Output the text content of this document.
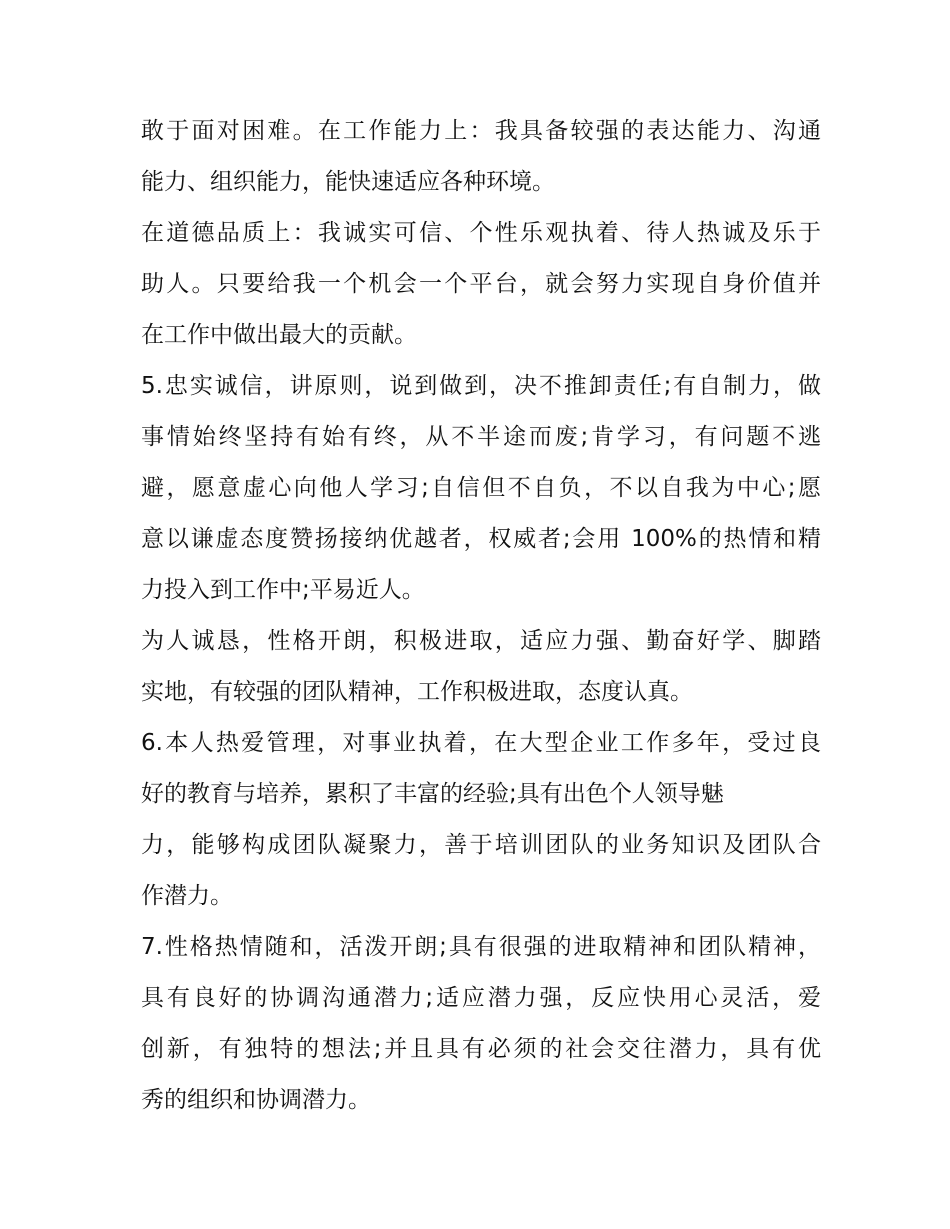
敢于面对困难。在工作能力上：我具备较强的表达能力、沟通
能力、组织能力，能快速适应各种环境。
在道德品质上：我诚实可信、个性乐观执着、待人热诚及乐于
助人。只要给我一个机会一个平台，就会努力实现自身价值并
在工作中做出最大的贡献。
5.忠实诚信，讲原则，说到做到，决不推卸责任;有自制力，做
事情始终坚持有始有终，从不半途而废;肯学习，有问题不逃
避，愿意虚心向他人学习;自信但不自负，不以自我为中心;愿
意以谦虚态度赞扬接纳优越者，权威者;会用 100%的热情和精
力投入到工作中;平易近人。
为人诚恳，性格开朗，积极进取，适应力强、勤奋好学、脚踏
实地，有较强的团队精神，工作积极进取，态度认真。
6.本人热爱管理，对事业执着，在大型企业工作多年，受过良
好的教育与培养，累积了丰富的经验;具有出色个人领导魅
力，能够构成团队凝聚力，善于培训团队的业务知识及团队合
作潜力。
7.性格热情随和，活泼开朗;具有很强的进取精神和团队精神，
具有良好的协调沟通潜力;适应潜力强，反应快用心灵活，爱
创新，有独特的想法;并且具有必须的社会交往潜力，具有优
秀的组织和协调潜力。
